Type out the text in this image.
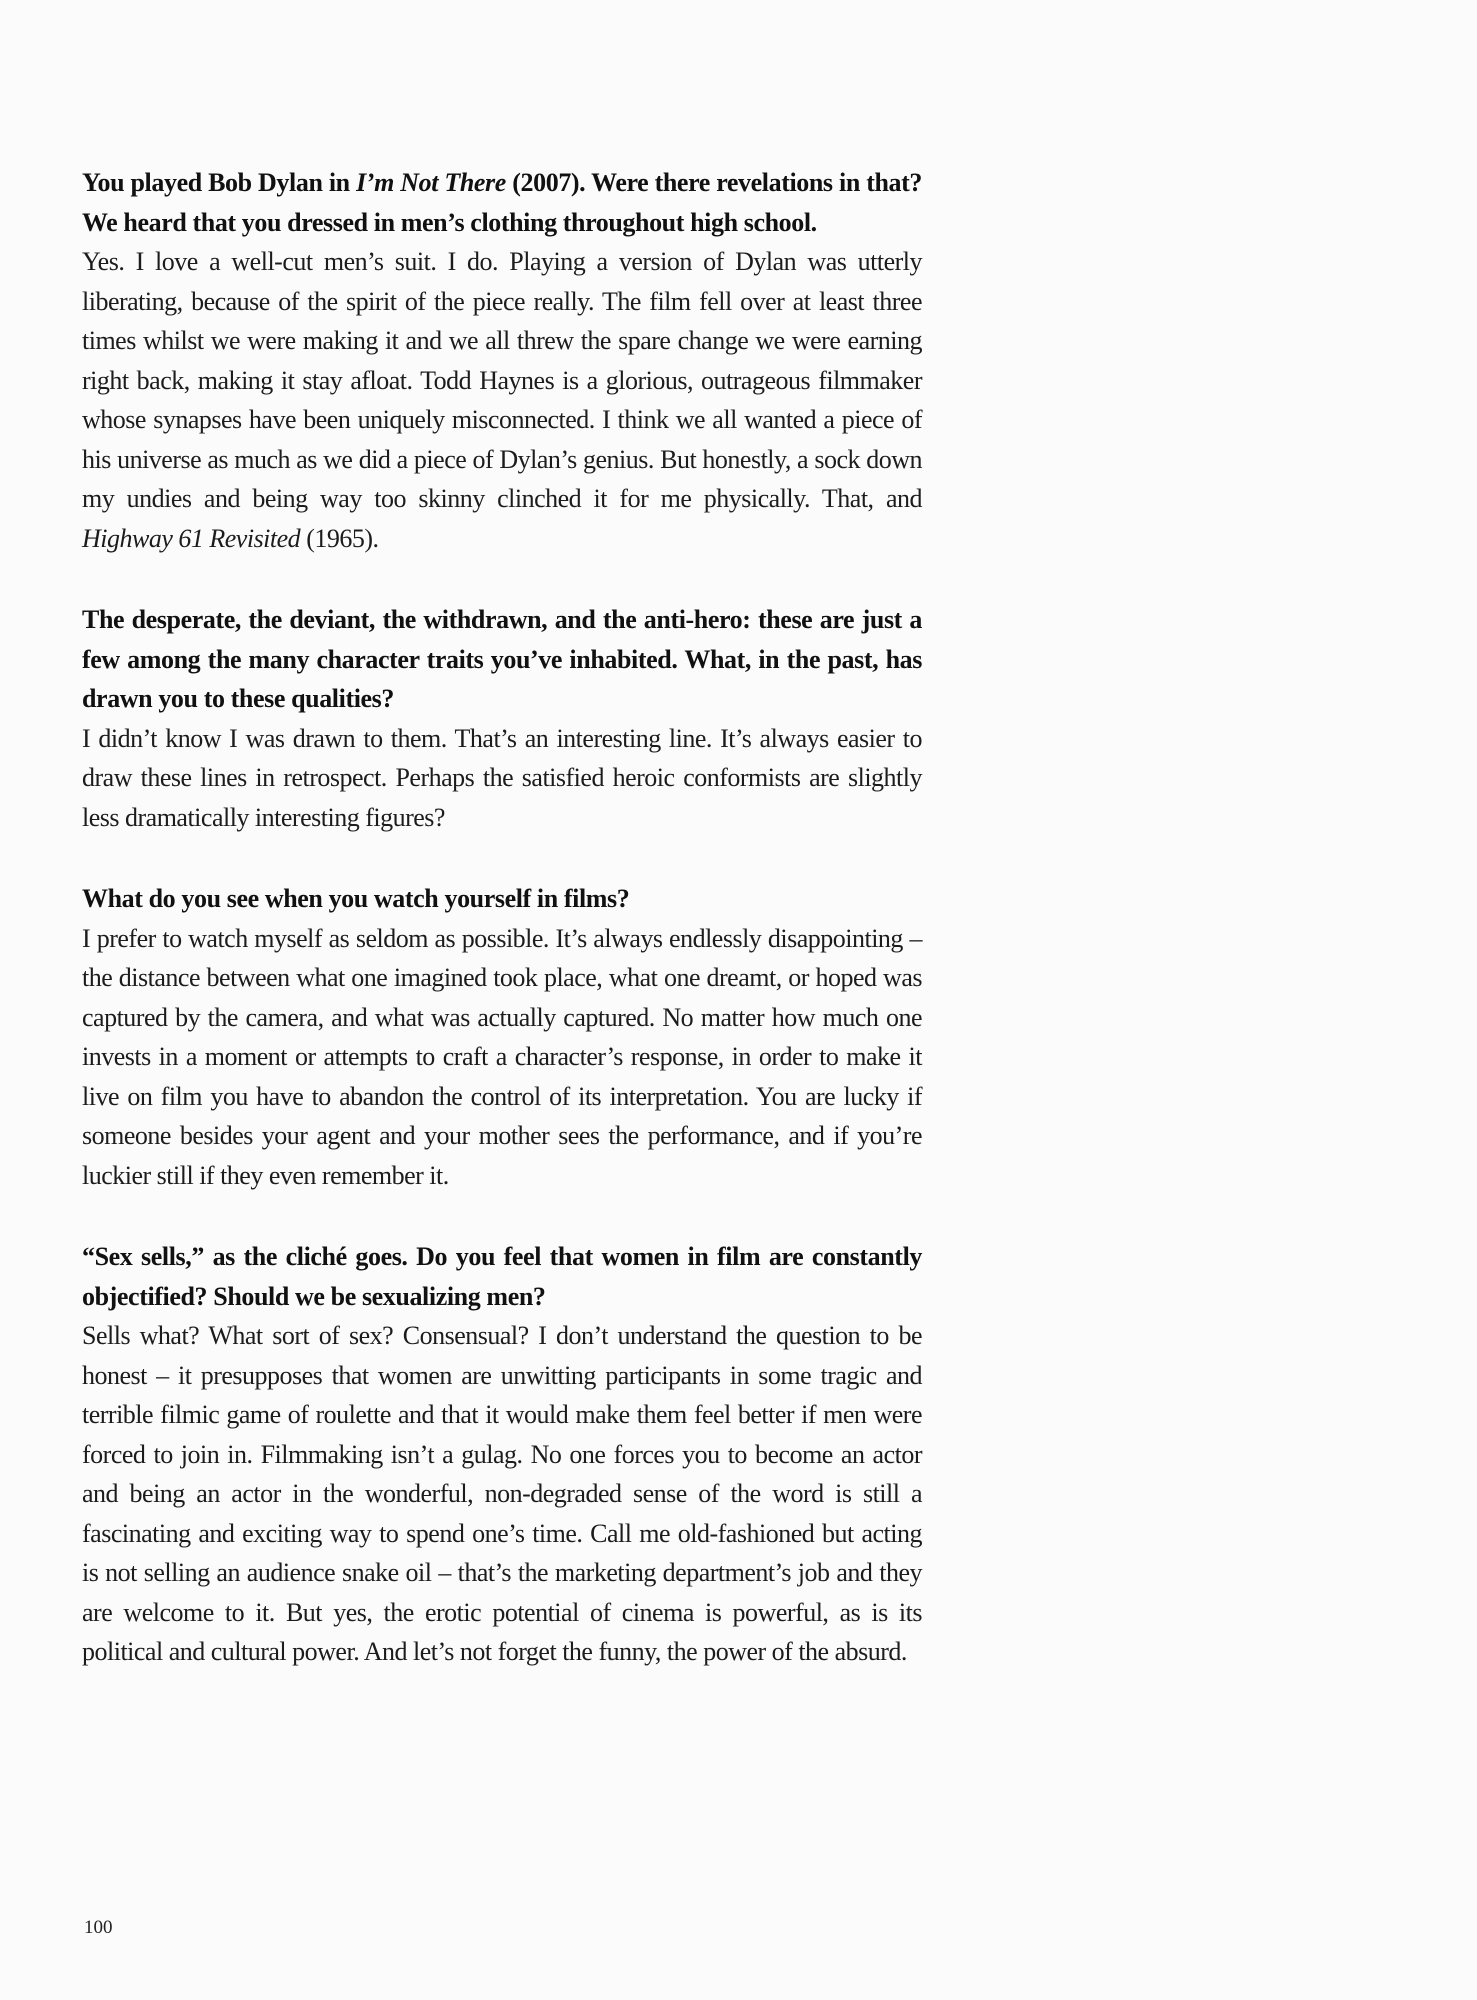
You played Bob Dylan in I’m Not There (2007). Were there revelations in that? We heard that you dressed in men’s clothing throughout high school.

Yes. I love a well-cut men’s suit. I do. Playing a version of Dylan was utterly liberating, because of the spirit of the piece really. The film fell over at least three times whilst we were making it and we all threw the spare change we were earning right back, making it stay afloat. Todd Haynes is a glorious, outrageous filmmaker whose synapses have been uniquely misconnected. I think we all wanted a piece of his universe as much as we did a piece of Dylan’s genius. But honestly, a sock down my undies and being way too skinny clinched it for me physically. That, and Highway 61 Revisited (1965).

The desperate, the deviant, the withdrawn, and the anti-hero: these are just a few among the many character traits you’ve inhabited. What, in the past, has drawn you to these qualities?

I didn’t know I was drawn to them. That’s an interesting line. It’s always easier to draw these lines in retrospect. Perhaps the satisfied heroic conformists are slightly less dramatically interesting figures?

What do you see when you watch yourself in films?

I prefer to watch myself as seldom as possible. It’s always endlessly disappointing – the distance between what one imagined took place, what one dreamt, or hoped was captured by the camera, and what was actually captured. No matter how much one invests in a moment or attempts to craft a character’s response, in order to make it live on film you have to abandon the control of its interpretation. You are lucky if someone besides your agent and your mother sees the performance, and if you’re luckier still if they even remember it.

“Sex sells,” as the cliché goes. Do you feel that women in film are constantly objectified? Should we be sexualizing men?

Sells what? What sort of sex? Consensual? I don’t understand the question to be honest – it presupposes that women are unwitting participants in some tragic and terrible filmic game of roulette and that it would make them feel better if men were forced to join in. Filmmaking isn’t a gulag. No one forces you to become an actor and being an actor in the wonderful, non-degraded sense of the word is still a fascinating and exciting way to spend one’s time. Call me old-fashioned but acting is not selling an audience snake oil – that’s the marketing department’s job and they are welcome to it. But yes, the erotic potential of cinema is powerful, as is its political and cultural power. And let’s not forget the funny, the power of the absurd.

100
